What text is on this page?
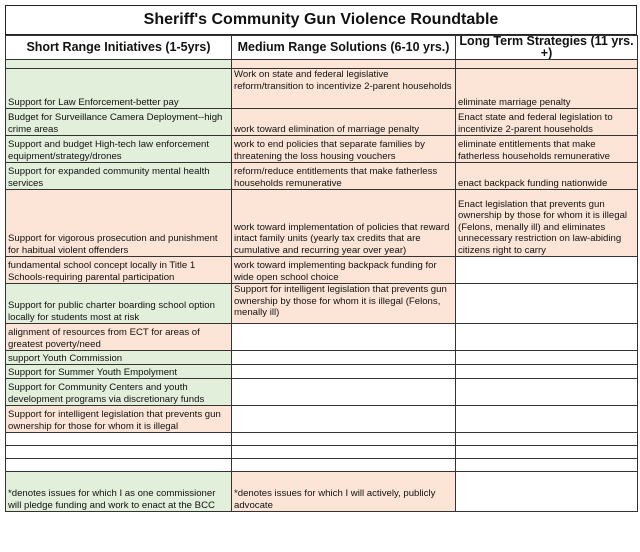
Sheriff's Community Gun Violence Roundtable
Short Range Initiatives (1-5yrs)	Medium Range Solutions (6-10 yrs.)	Long Term Strategies (11 yrs. +)

Support for Law Enforcement-better pay	Work on state and federal legislative reform/transition to incentivize 2-parent households	eliminate marriage penalty
Budget for Surveillance Camera Deployment--high crime areas	work toward elimination of marriage penalty	Enact state and federal legislation to incentivize 2-parent households
Support and budget High-tech law enforcement equipment/strategy/drones	work to end policies that separate families by threatening the loss housing vouchers	eliminate entitlements that make fatherless households remunerative
Support for expanded community mental health services	reform/reduce entitlements that make fatherless households remunerative	enact backpack funding nationwide
Support for vigorous prosecution and punishment for habitual violent offenders	work toward implementation of policies that reward intact family units (yearly tax credits that are cumulative and recurring year over year)	Enact legislation that prevents gun ownership by those for whom it is illegal (Felons, menally ill) and eliminates unnecessary restriction on law-abiding citizens right to carry
fundamental school concept locally in Title 1 Schools-requiring parental participation	work toward implementing backpack funding for wide open school choice	
Support for public charter boarding school option locally for students most at risk	Support for intelligent legislation that prevents gun ownership by those for whom it is illegal (Felons, menally ill)	
alignment of resources from ECT for areas of greatest poverty/need		
support Youth Commission		
Support for Summer Youth Empolyment		
Support for Community Centers and youth development programs via discretionary funds		
Support for intelligent legislation that prevents gun ownership for those for whom it is illegal		

*denotes issues for which I as one commissioner will pledge funding and work to enact at the BCC	*denotes issues for which I will actively, publicly advocate	
